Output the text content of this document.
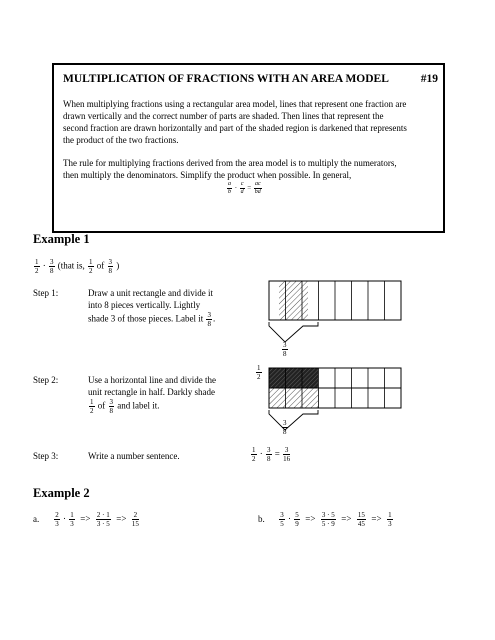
MULTIPLICATION OF FRACTIONS WITH AN AREA MODEL	#19
When multiplying fractions using a rectangular area model, lines that represent one fraction are
drawn vertically and the correct number of parts are shaded. Then lines that represent the
second fraction are drawn horizontally and part of the shaded region is darkened that represents
the product of the two fractions.
The rule for multiplying fractions derived from the area model is to multiply the numerators,
then multiply the denominators. Simplify the product when possible. In general,
$\frac{a}{b} \cdot \frac{c}{d} = \frac{ac}{bd}$
Example 1
$\frac{1}{2} \cdot \frac{3}{8}$ (that is, $\frac{1}{2}$ of $\frac{3}{8}$ )
Step 1:	Draw a unit rectangle and divide it
into 8 pieces vertically. Lightly
shade 3 of those pieces. Label it $\frac{3}{8}$ .
Step 2:	Use a horizontal line and divide the
unit rectangle in half. Darkly shade
$\frac{1}{2}$ of $\frac{3}{8}$ and label it.
Step 3:	Write a number sentence.	$\frac{1}{2} \cdot \frac{3}{8} = \frac{3}{16}$
$\frac{3}{8}$
$\frac{1}{2}$
$\frac{3}{8}$
Example 2
a. $\frac{2}{3} \cdot \frac{1}{3} => \frac{2 \cdot 1}{3 \cdot 5} => \frac{2}{15}$	b. $\frac{3}{5} \cdot \frac{5}{9} => \frac{3 \cdot 5}{5 \cdot 9} => \frac{15}{45} => \frac{1}{3}$
